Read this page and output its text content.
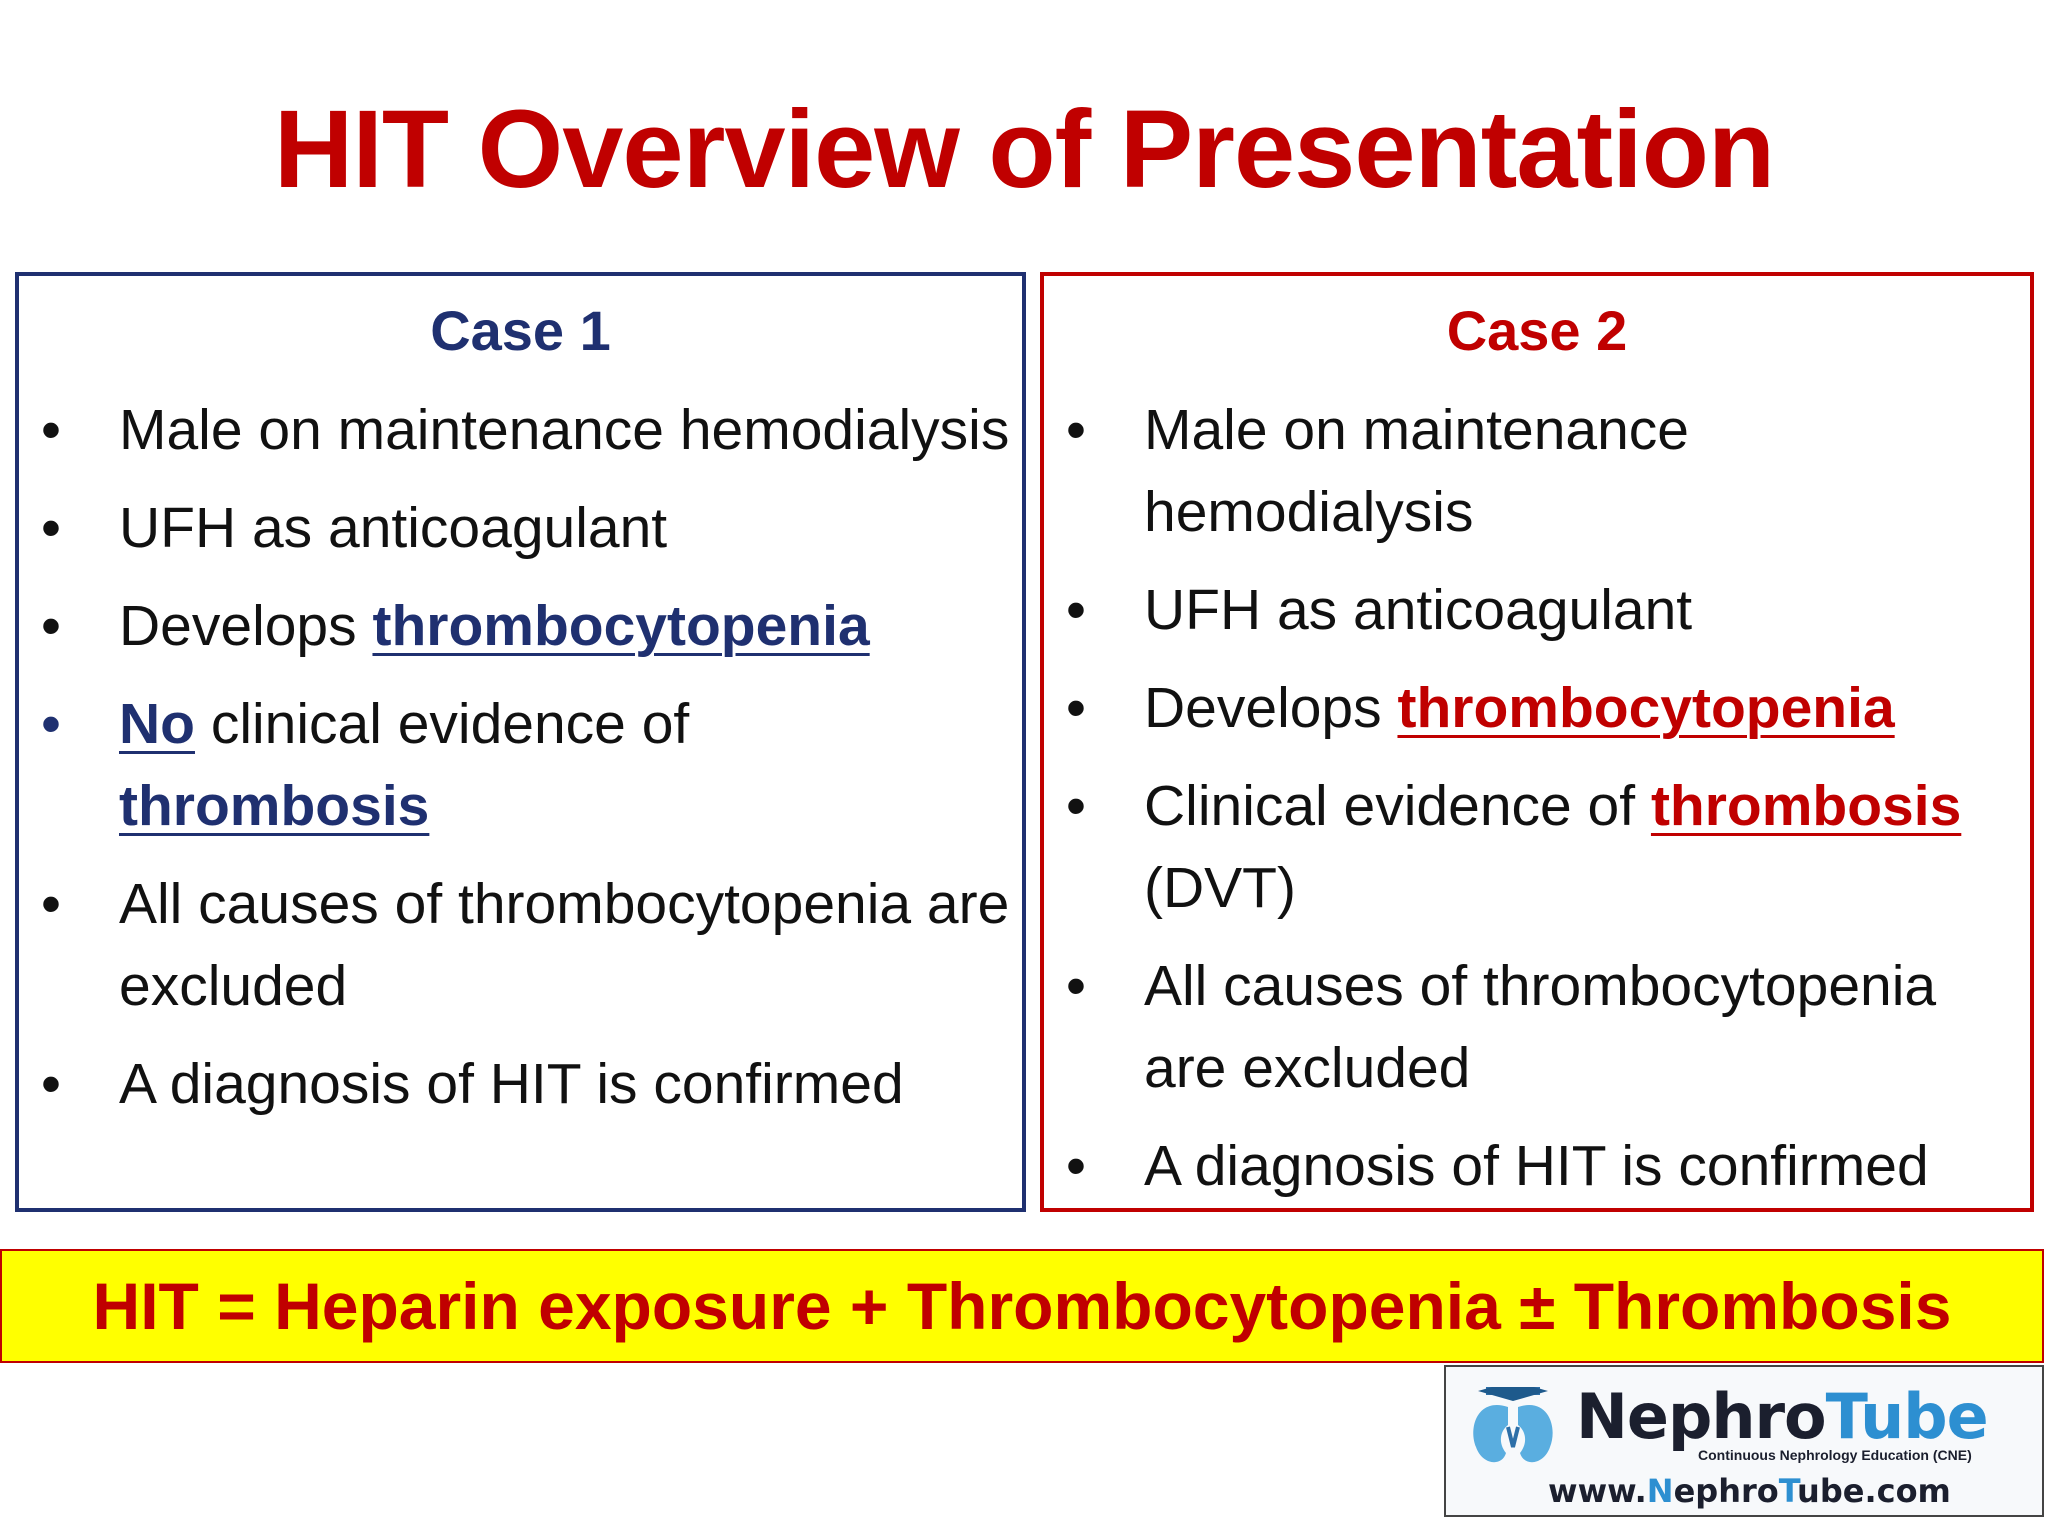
HIT Overview of Presentation
Case 1
•	Male on maintenance hemodialysis
•	UFH as anticoagulant
•	Develops thrombocytopenia
•	No clinical evidence of thrombosis
•	All causes of thrombocytopenia are excluded
•	A diagnosis of HIT is confirmed
Case 2
•	Male on maintenance hemodialysis
•	UFH as anticoagulant
•	Develops thrombocytopenia
•	Clinical evidence of thrombosis (DVT)
•	All causes of thrombocytopenia are excluded
•	A diagnosis of HIT is confirmed
HIT = Heparin exposure + Thrombocytopenia ± Thrombosis
NephroTube
Continuous Nephrology Education (CNE)
www.NephroTube.com
